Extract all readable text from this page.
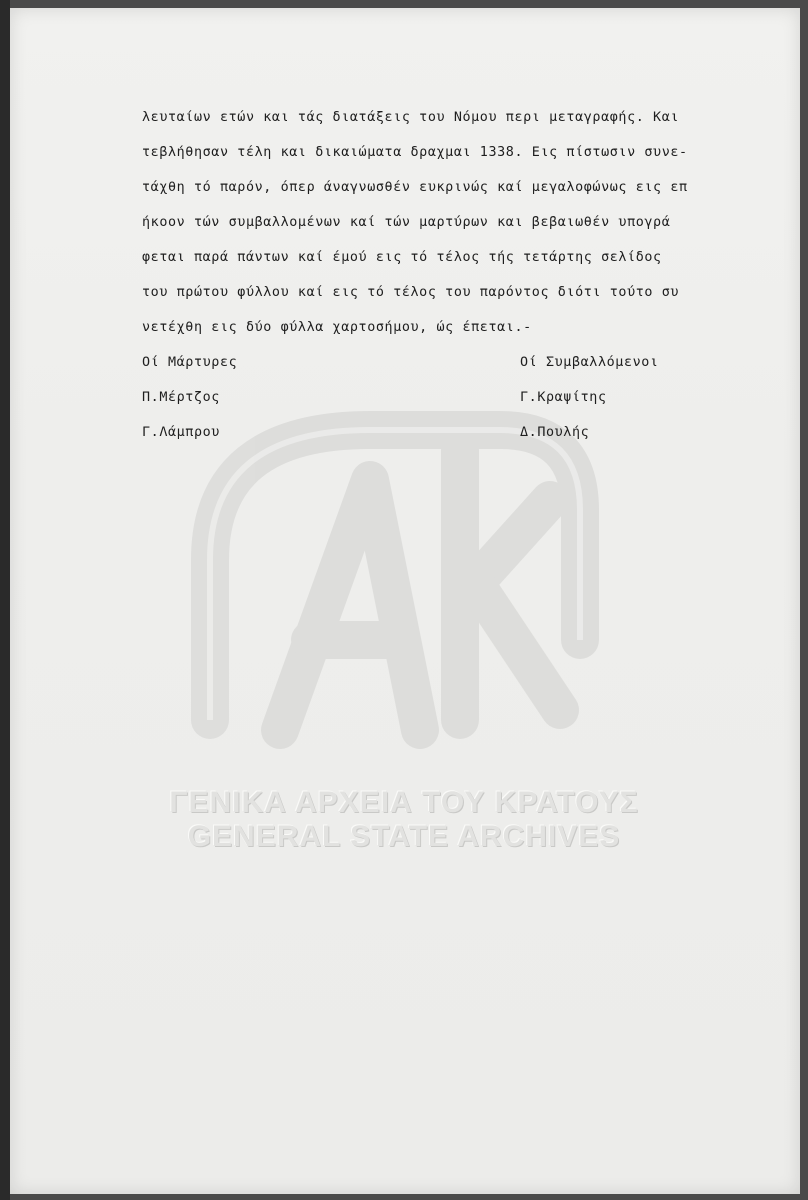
ΓΕΝΙΚΑ ΑΡΧΕΙΑ ΤΟΥ ΚΡΑΤΟΥΣ
GENERAL STATE ARCHIVES
λευταίων ετών και τάς διατάξεις του Νόμου περι μεταγραφής. Και
τεβλήθησαν τέλη και δικαιώματα δραχμαι 1338. Εις πίστωσιν συνε-
τάχθη τό παρόν, όπερ άναγνωσθέν ευκρινώς καί μεγαλοφώνως εις επ
ήκοον τών συμβαλλομένων καί τών μαρτύρων και βεβαιωθέν υπογρά
φεται παρά πάντων καί έμού εις τό τέλος τής τετάρτης σελίδος
του πρώτου φύλλου καί εις τό τέλος του παρόντος διότι τούτο συ
νετέχθη εις δύο φύλλα χαρτοσήμου, ώς έπεται.-
Οί Μάρτυρες	Οί Συμβαλλόμενοι
Π.Μέρτζος	Γ.Κραψίτης
Γ.Λάμπρου	Δ.Πουλής
